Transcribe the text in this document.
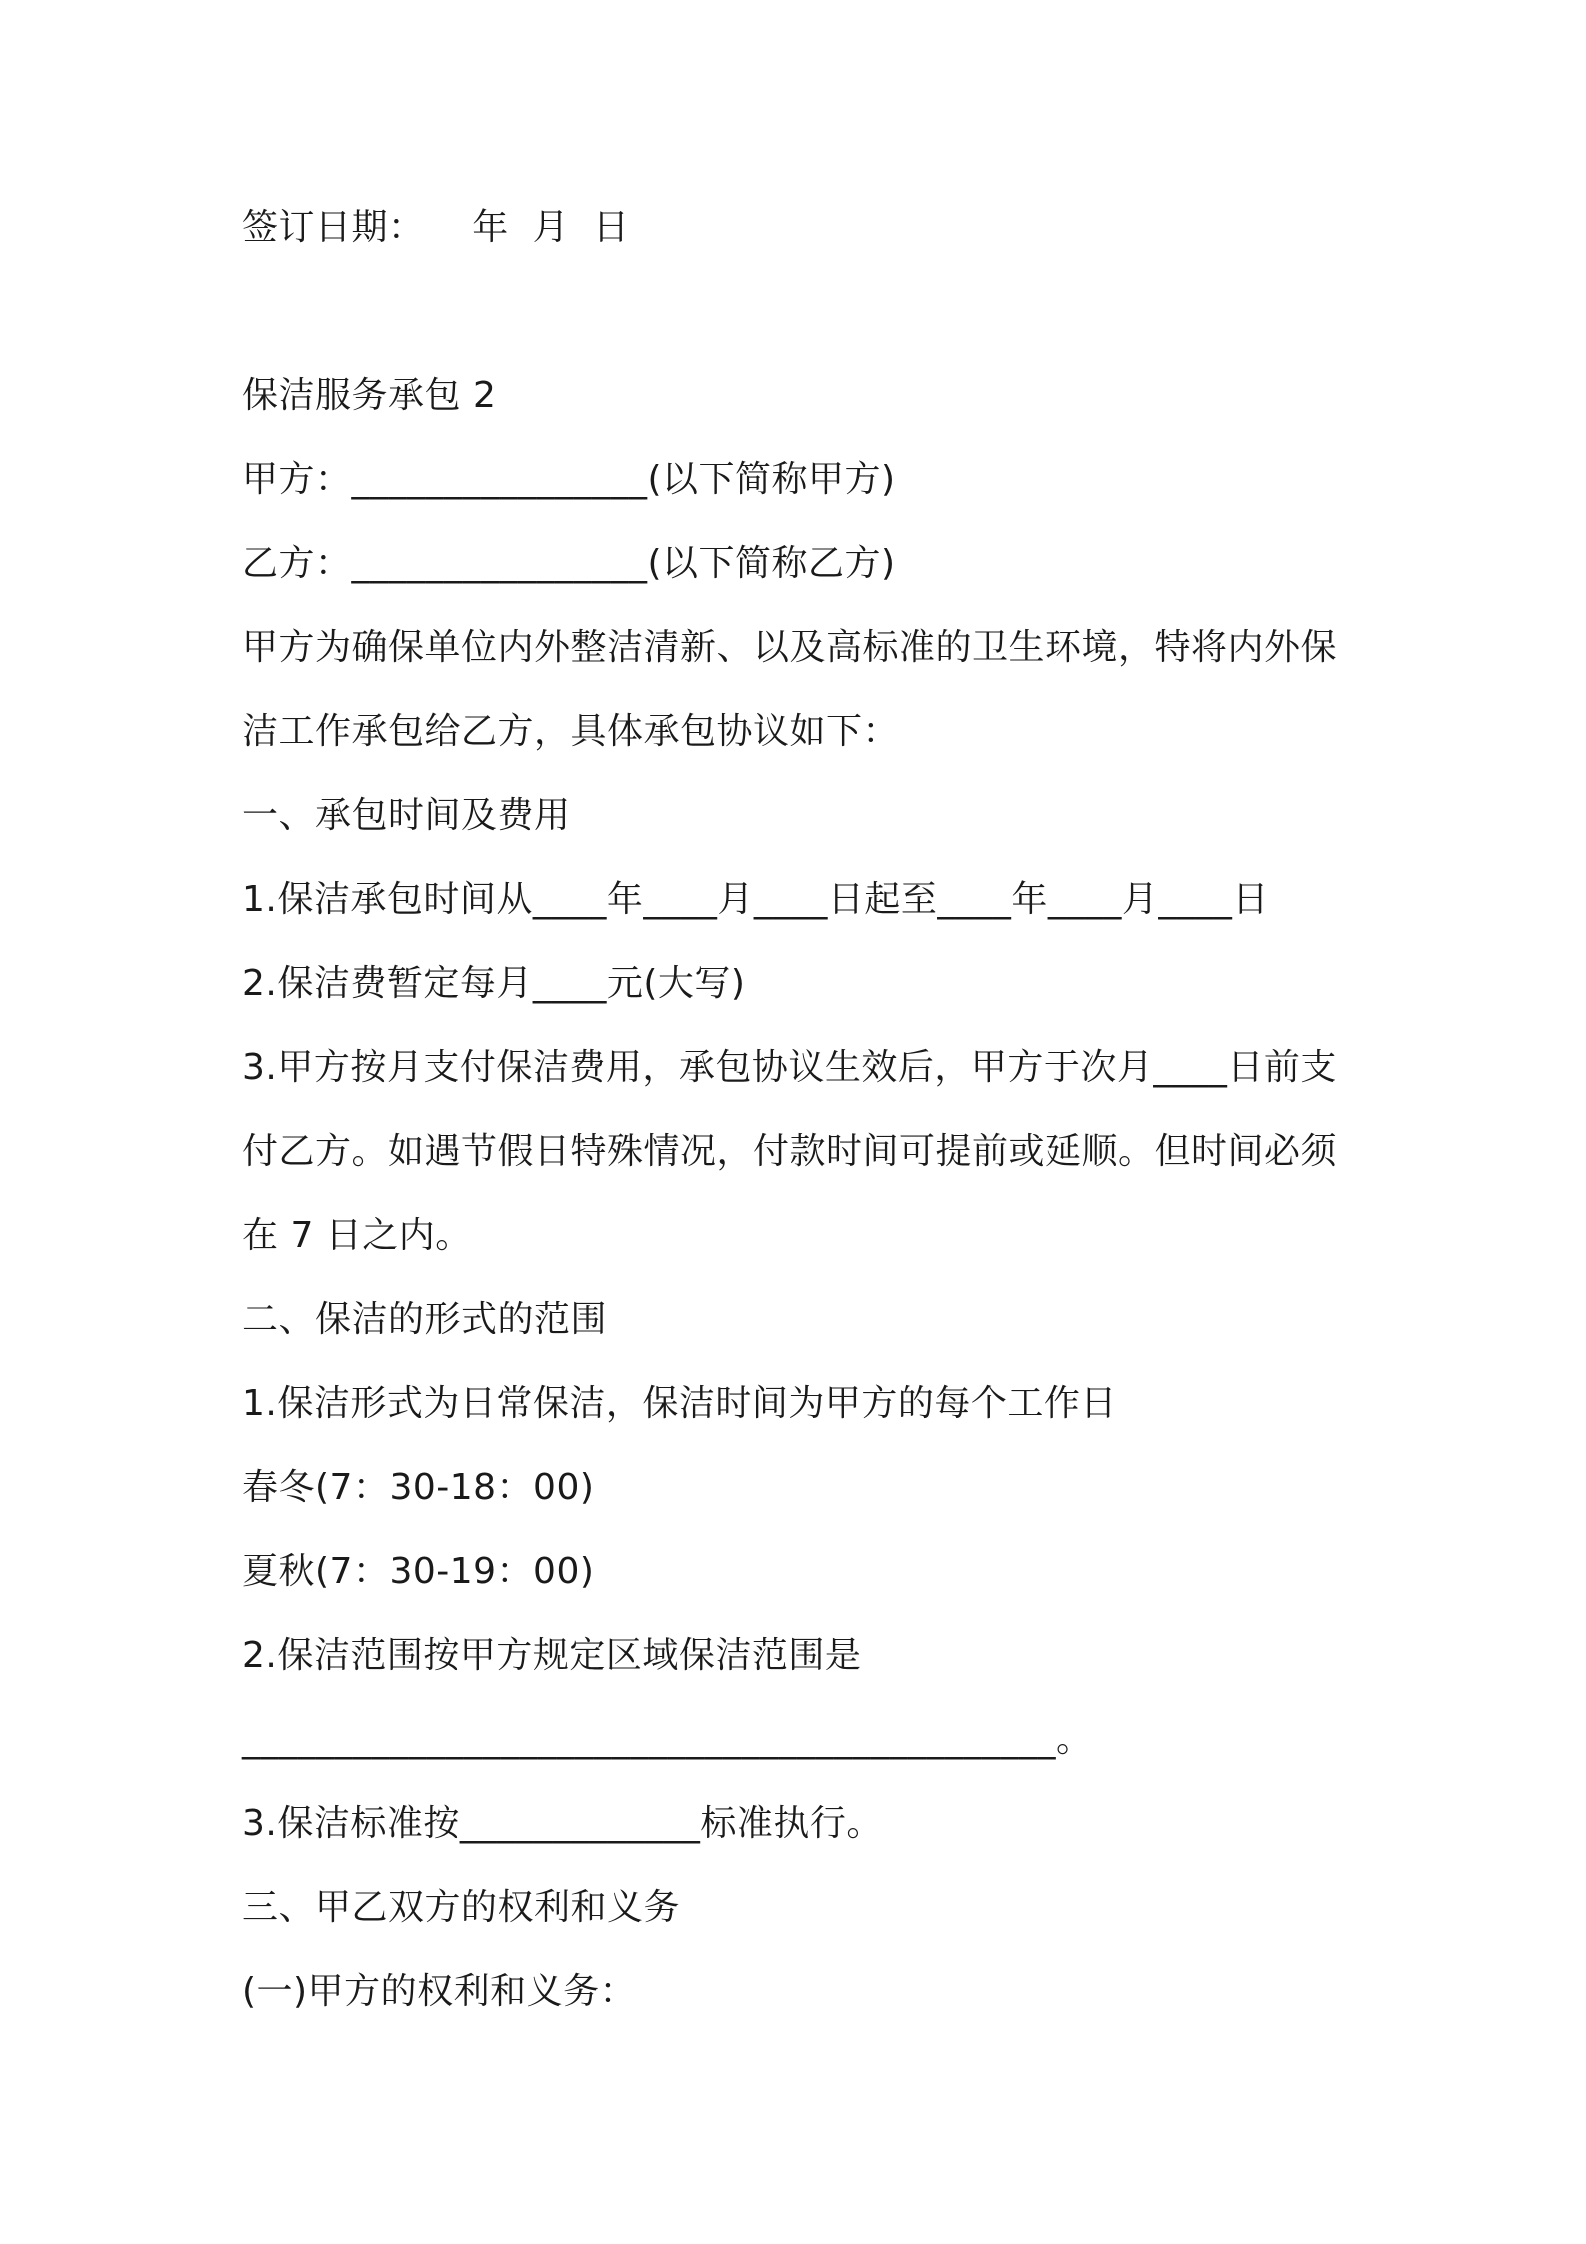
签订日期：    年  月  日
保洁服务承包 2
甲方：________________(以下简称甲方)
乙方：________________(以下简称乙方)
甲方为确保单位内外整洁清新、以及高标准的卫生环境，特将内外保
洁工作承包给乙方，具体承包协议如下：
一、承包时间及费用
1.保洁承包时间从____年____月____日起至____年____月____日
2.保洁费暂定每月____元(大写)
3.甲方按月支付保洁费用，承包协议生效后，甲方于次月____日前支
付乙方。如遇节假日特殊情况，付款时间可提前或延顺。但时间必须
在 7 日之内。
二、保洁的形式的范围
1.保洁形式为日常保洁，保洁时间为甲方的每个工作日
春冬(7：30-18：00)
夏秋(7：30-19：00)
2.保洁范围按甲方规定区域保洁范围是
____________________________________________。
3.保洁标准按_____________标准执行。
三、甲乙双方的权利和义务
(一)甲方的权利和义务：
